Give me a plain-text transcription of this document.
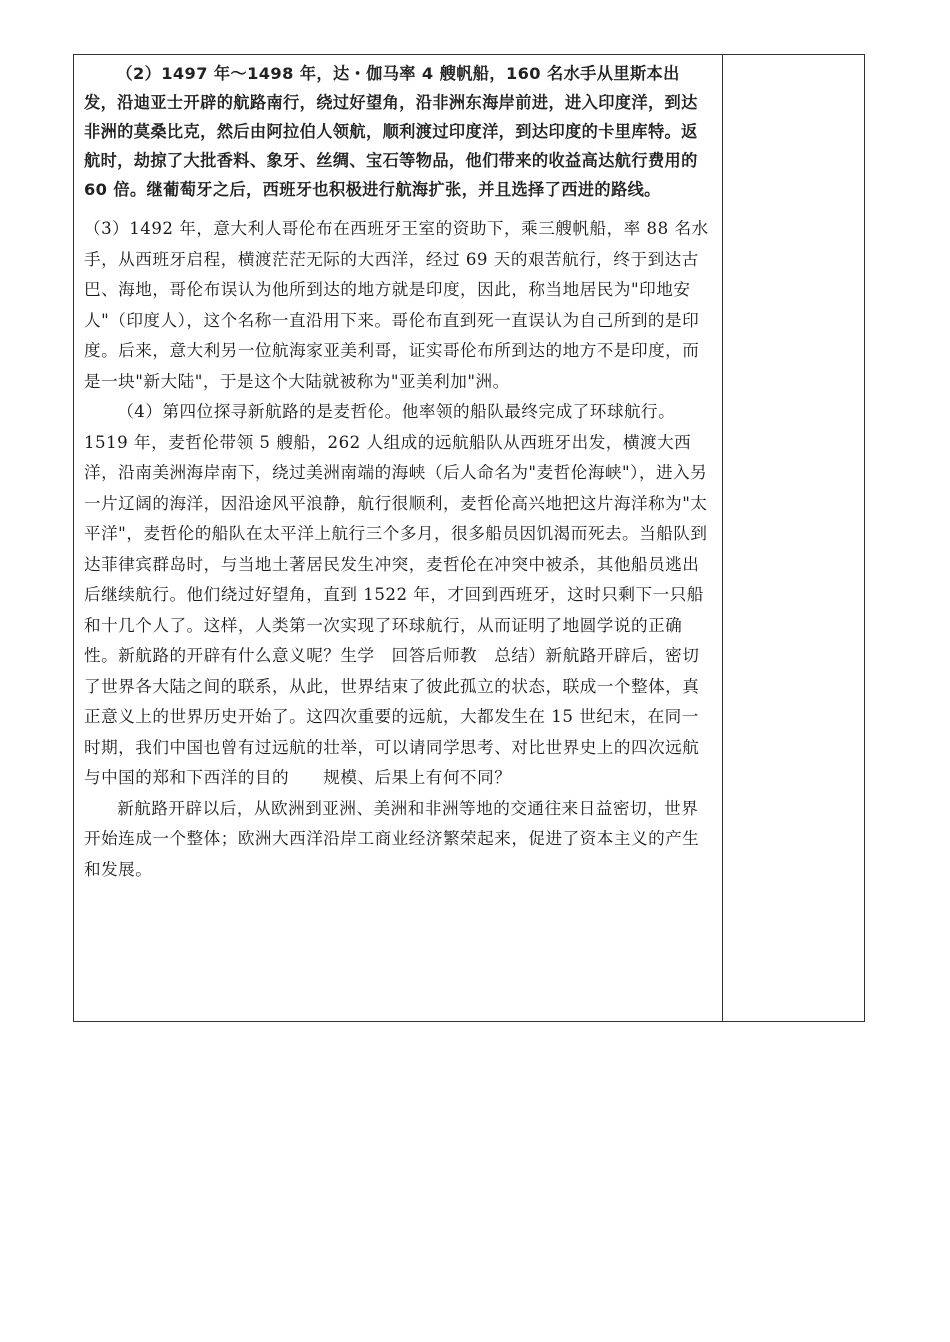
（2）1497 年～1498 年，达・伽马率 4 艘帆船，160 名水手从里斯本出发，沿迪亚士开辟的航路南行，绕过好望角，沿非洲东海岸前进，进入印度洋，到达非洲的莫桑比克，然后由阿拉伯人领航，顺利渡过印度洋，到达印度的卡里库特。返航时，劫掠了大批香料、象牙、丝绸、宝石等物品，他们带来的收益高达航行费用的 60 倍。继葡萄牙之后，西班牙也积极进行航海扩张，并且选择了西进的路线。

（3）1492 年，意大利人哥伦布在西班牙王室的资助下，乘三艘帆船，率 88 名水手，从西班牙启程，横渡茫茫无际的大西洋，经过 69 天的艰苦航行，终于到达古巴、海地，哥伦布误认为他所到达的地方就是印度，因此，称当地居民为"印地安人"（印度人），这个名称一直沿用下来。哥伦布直到死一直误认为自己所到的是印度。后来，意大利另一位航海家亚美利哥，证实哥伦布所到达的地方不是印度，而是一块"新大陆"，于是这个大陆就被称为"亚美利加"洲。

（4）第四位探寻新航路的是麦哲伦。他率领的船队最终完成了环球航行。1519 年，麦哲伦带领 5 艘船，262 人组成的远航船队从西班牙出发，横渡大西洋，沿南美洲海岸南下，绕过美洲南端的海峡（后人命名为"麦哲伦海峡"），进入另一片辽阔的海洋，因沿途风平浪静，航行很顺利，麦哲伦高兴地把这片海洋称为"太平洋"，麦哲伦的船队在太平洋上航行三个多月，很多船员因饥渴而死去。当船队到达菲律宾群岛时，与当地土著居民发生冲突，麦哲伦在冲突中被杀，其他船员逃出后继续航行。他们绕过好望角，直到 1522 年，才回到西班牙，这时只剩下一只船和十几个人了。这样，人类第一次实现了环球航行，从而证明了地圆学说的正确性。新航路的开辟有什么意义呢？生学　回答后师教　总结）新航路开辟后，密切了世界各大陆之间的联系，从此，世界结束了彼此孤立的状态，联成一个整体，真正意义上的世界历史开始了。这四次重要的远航，大都发生在 15 世纪末，在同一时期，我们中国也曾有过远航的壮举，可以请同学思考、对比世界史上的四次远航与中国的郑和下西洋的目的　　规模、后果上有何不同？

新航路开辟以后，从欧洲到亚洲、美洲和非洲等地的交通往来日益密切，世界开始连成一个整体；欧洲大西洋沿岸工商业经济繁荣起来，促进了资本主义的产生和发展。
